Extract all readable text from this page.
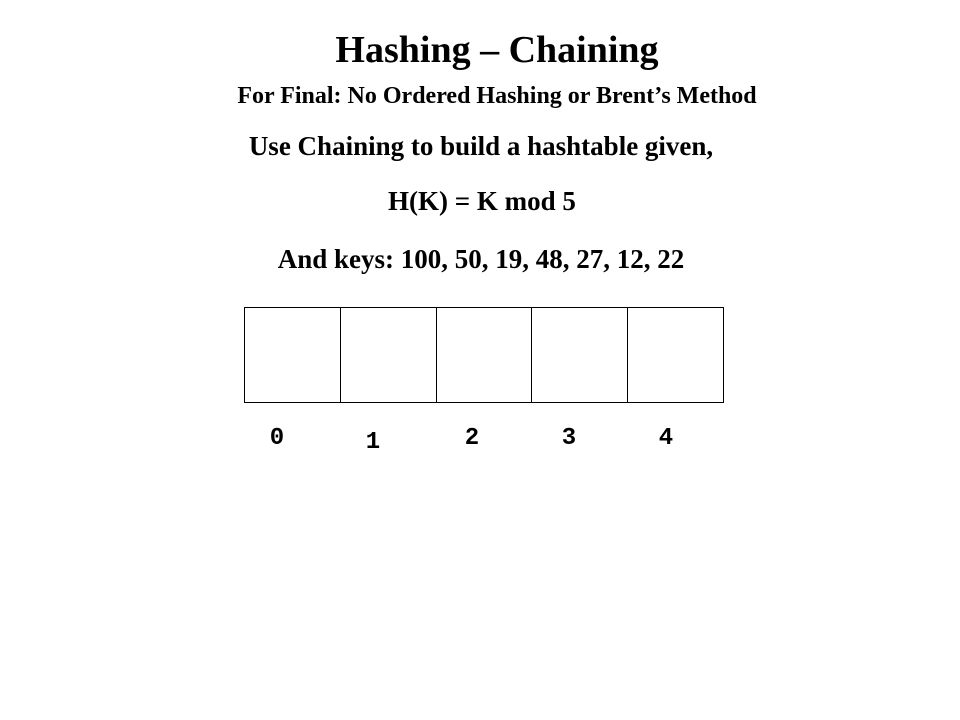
Hashing – Chaining
For Final: No Ordered Hashing or Brent’s Method
Use Chaining to build a hashtable given,
H(K) = K mod 5
And keys: 100, 50, 19, 48, 27, 12, 22
0	1	2	3	4
